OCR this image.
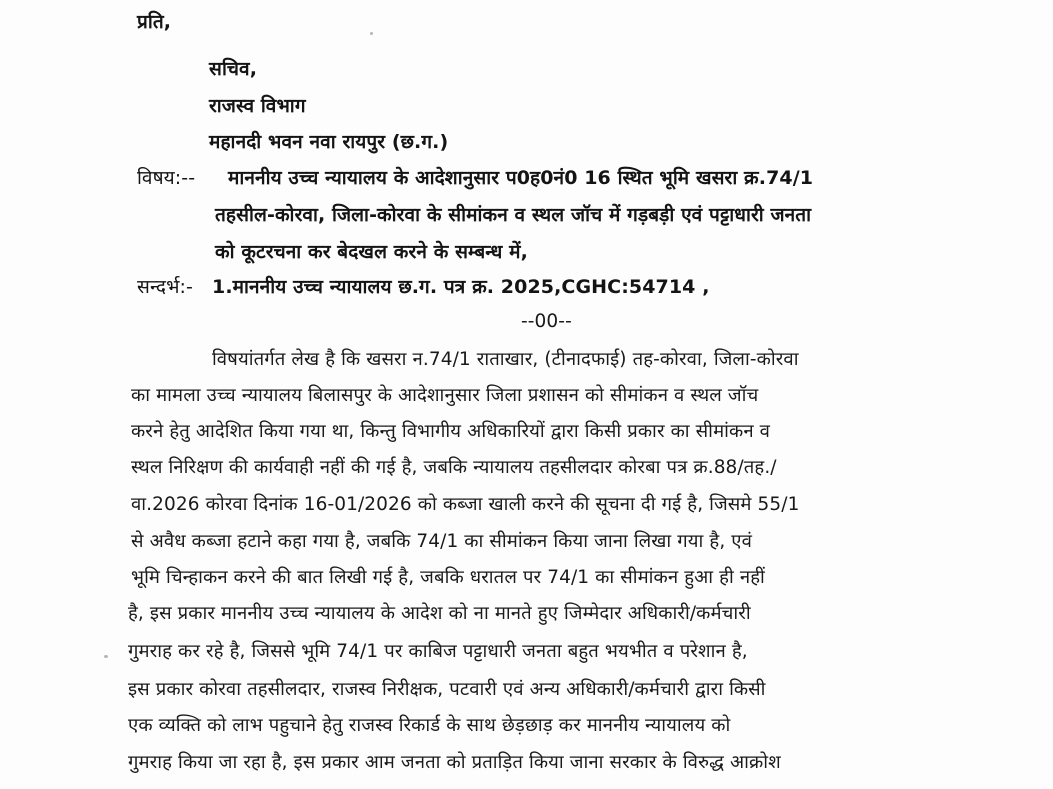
प्रति,
सचिव,
राजस्व विभाग
महानदी भवन नवा रायपुर (छ.ग.)
विषय:-- माननीय उच्च न्यायालय के आदेशानुसार प0ह0नं0 16 स्थित भूमि खसरा क्र.74/1
तहसील-कोरवा, जिला-कोरवा के सीमांकन व स्थल जॉच में गड़बड़ी एवं पट्टाधारी जनता
को कूटरचना कर बेदखल करने के सम्बन्ध में,
सन्दर्भ:- 1.माननीय उच्च न्यायालय छ.ग. पत्र क्र. 2025,CGHC:54714 ,
--00--
विषयांतर्गत लेख है कि खसरा न.74/1 राताखार, (टीनादफाई) तह-कोरवा, जिला-कोरवा
का मामला उच्च न्यायालय बिलासपुर के आदेशानुसार जिला प्रशासन को सीमांकन व स्थल जॉच
करने हेतु आदेशित किया गया था, किन्तु विभागीय अधिकारियों द्वारा किसी प्रकार का सीमांकन व
स्थल निरिक्षण की कार्यवाही नहीं की गई है, जबकि न्यायालय तहसीलदार कोरबा पत्र क्र.88/तह./
वा.2026 कोरवा दिनांक 16-01/2026 को कब्जा खाली करने की सूचना दी गई है, जिसमे 55/1
से अवैध कब्जा हटाने कहा गया है, जबकि 74/1 का सीमांकन किया जाना लिखा गया है, एवं
भूमि चिन्हाकन करने की बात लिखी गई है, जबकि धरातल पर 74/1 का सीमांकन हुआ ही नहीं
है, इस प्रकार माननीय उच्च न्यायालय के आदेश को ना मानते हुए जिम्मेदार अधिकारी/कर्मचारी
गुमराह कर रहे है, जिससे भूमि 74/1 पर काबिज पट्टाधारी जनता बहुत भयभीत व परेशान है,
इस प्रकार कोरवा तहसीलदार, राजस्व निरीक्षक, पटवारी एवं अन्य अधिकारी/कर्मचारी द्वारा किसी
एक व्यक्ति को लाभ पहुचाने हेतु राजस्व रिकार्ड के साथ छेड़छाड़ कर माननीय न्यायालय को
गुमराह किया जा रहा है, इस प्रकार आम जनता को प्रताड़ित किया जाना सरकार के विरुद्ध आक्रोश
